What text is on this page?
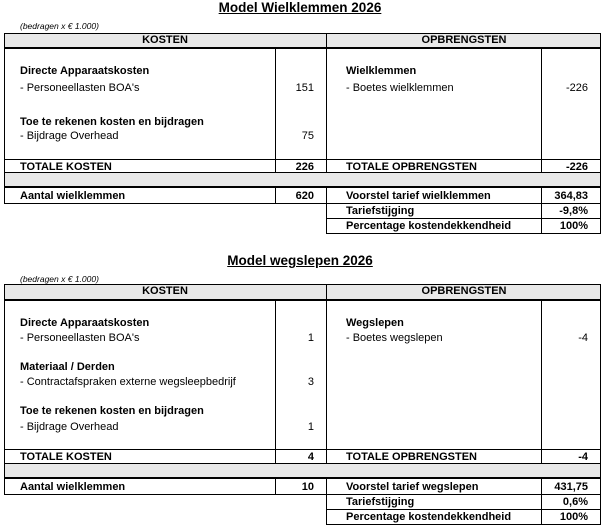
Model Wielklemmen 2026
(bedragen x € 1.000)
KOSTEN	OPBRENGSTEN
Directe Apparaatskosten
- Personeellasten BOA's	151
Toe te rekenen kosten en bijdragen
- Bijdrage Overhead	75
Wielklemmen
- Boetes wielklemmen	-226
TOTALE KOSTEN	226	TOTALE OPBRENGSTEN	-226
Aantal wielklemmen	620	Voorstel tarief wielklemmen	364,83
Tariefstijging	-9,8%
Percentage kostendekkendheid	100%
Model wegslepen 2026
(bedragen x € 1.000)
KOSTEN	OPBRENGSTEN
Directe Apparaatskosten
- Personeellasten BOA's	1
Materiaal / Derden
- Contractafspraken externe wegsleepbedrijf	3
Toe te rekenen kosten en bijdragen
- Bijdrage Overhead	1
Wegslepen
- Boetes wegslepen	-4
TOTALE KOSTEN	4	TOTALE OPBRENGSTEN	-4
Aantal wielklemmen	10	Voorstel tarief wegslepen	431,75
Tariefstijging	0,6%
Percentage kostendekkendheid	100%
